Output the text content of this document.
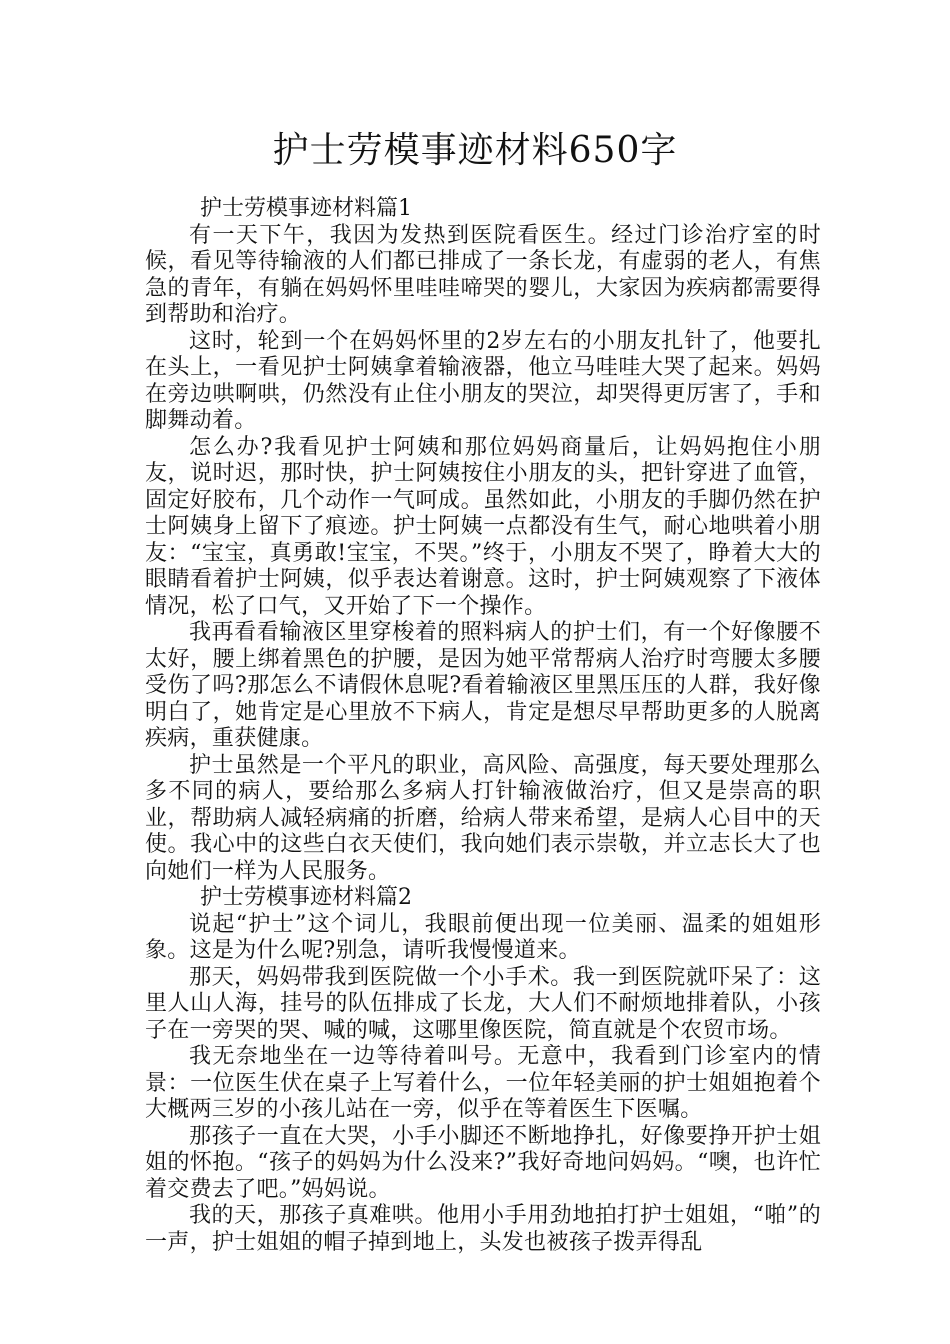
护士劳模事迹材料650字

护士劳模事迹材料篇1

有一天下午，我因为发热到医院看医生。经过门诊治疗室的时候，看见等待输液的人们都已排成了一条长龙，有虚弱的老人，有焦急的青年，有躺在妈妈怀里哇哇啼哭的婴儿，大家因为疾病都需要得到帮助和治疗。

这时，轮到一个在妈妈怀里的2岁左右的小朋友扎针了，他要扎在头上，一看见护士阿姨拿着输液器，他立马哇哇大哭了起来。妈妈在旁边哄啊哄，仍然没有止住小朋友的哭泣，却哭得更厉害了，手和脚舞动着。

怎么办?我看见护士阿姨和那位妈妈商量后，让妈妈抱住小朋友，说时迟，那时快，护士阿姨按住小朋友的头，把针穿进了血管，固定好胶布，几个动作一气呵成。虽然如此，小朋友的手脚仍然在护士阿姨身上留下了痕迹。护士阿姨一点都没有生气，耐心地哄着小朋友：“宝宝，真勇敢!宝宝，不哭。”终于，小朋友不哭了，睁着大大的眼睛看着护士阿姨，似乎表达着谢意。这时，护士阿姨观察了下液体情况，松了口气，又开始了下一个操作。

我再看看输液区里穿梭着的照料病人的护士们，有一个好像腰不太好，腰上绑着黑色的护腰，是因为她平常帮病人治疗时弯腰太多腰受伤了吗?那怎么不请假休息呢?看着输液区里黑压压的人群，我好像明白了，她肯定是心里放不下病人，肯定是想尽早帮助更多的人脱离疾病，重获健康。

护士虽然是一个平凡的职业，高风险、高强度，每天要处理那么多不同的病人，要给那么多病人打针输液做治疗，但又是崇高的职业，帮助病人减轻病痛的折磨，给病人带来希望，是病人心目中的天使。我心中的这些白衣天使们，我向她们表示崇敬，并立志长大了也向她们一样为人民服务。

护士劳模事迹材料篇2

说起“护士”这个词儿，我眼前便出现一位美丽、温柔的姐姐形象。这是为什么呢?别急，请听我慢慢道来。

那天，妈妈带我到医院做一个小手术。我一到医院就吓呆了：这里人山人海，挂号的队伍排成了长龙，大人们不耐烦地排着队，小孩子在一旁哭的哭、喊的喊，这哪里像医院，简直就是个农贸市场。

我无奈地坐在一边等待着叫号。无意中，我看到门诊室内的情景：一位医生伏在桌子上写着什么，一位年轻美丽的护士姐姐抱着个大概两三岁的小孩儿站在一旁，似乎在等着医生下医嘱。

那孩子一直在大哭，小手小脚还不断地挣扎，好像要挣开护士姐姐的怀抱。“孩子的妈妈为什么没来?”我好奇地问妈妈。“噢，也许忙着交费去了吧。”妈妈说。

我的天，那孩子真难哄。他用小手用劲地拍打护士姐姐，“啪”的一声，护士姐姐的帽子掉到地上，头发也被孩子拨弄得乱
